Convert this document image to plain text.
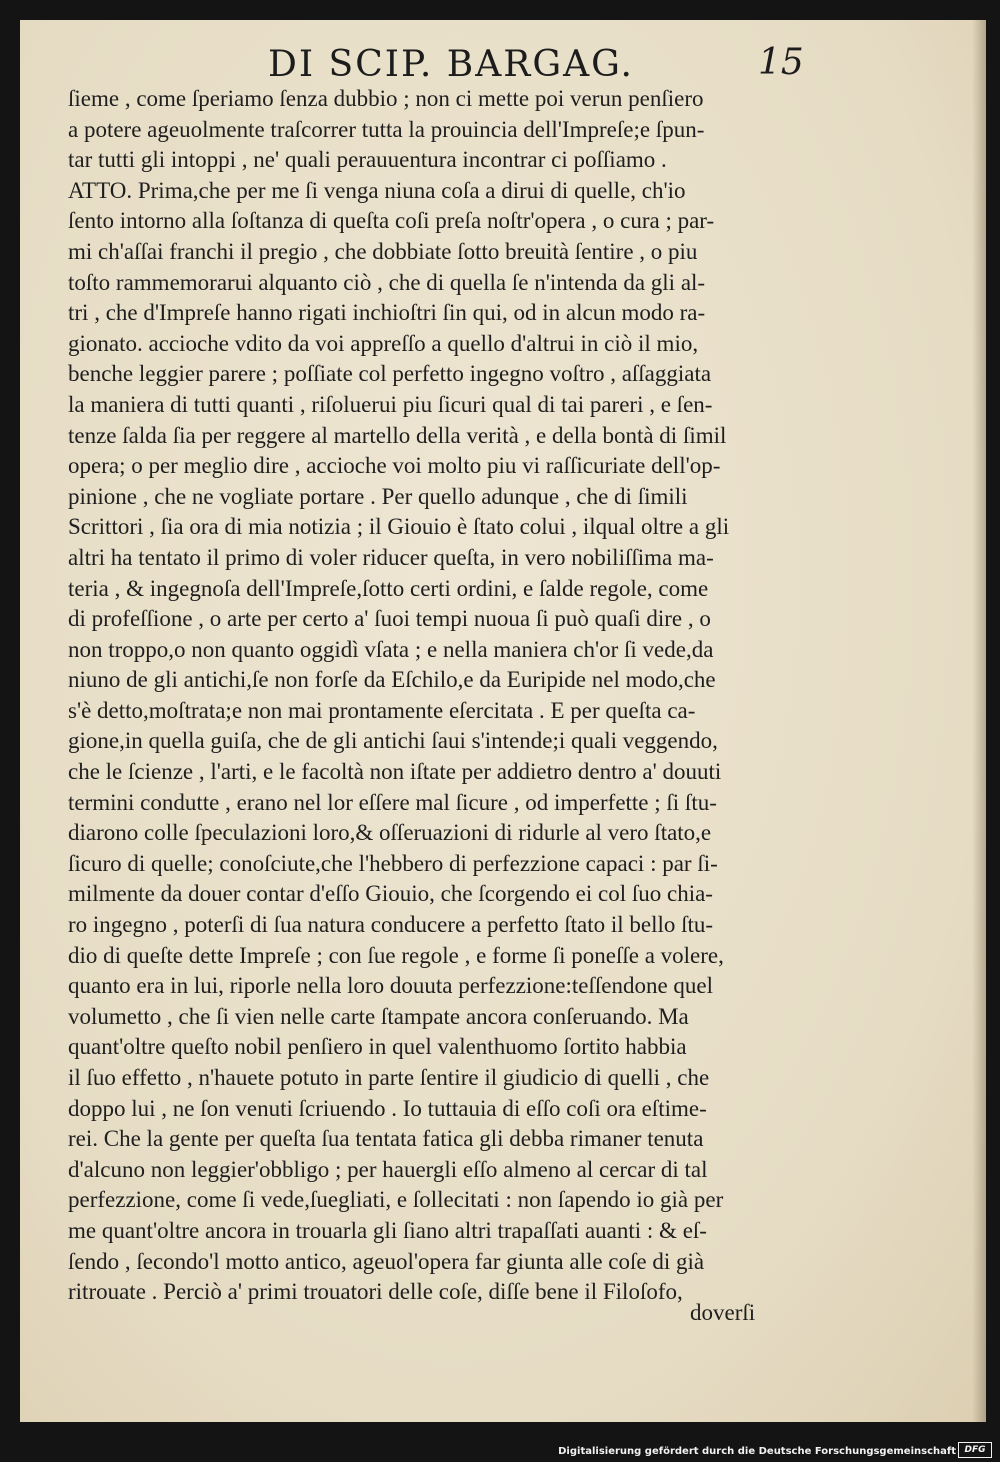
DI SCIP. BARGAG.	15
ſieme , come ſperiamo ſenza dubbio ; non ci mette poi verun penſiero
a potere ageuolmente traſcorrer tutta la prouincia dell'Impreſe;e ſpun-
tar tutti gli intoppi , ne' quali perauuentura incontrar ci poſſiamo .
ATTO. Prima,che per me ſi venga niuna coſa a dirui di quelle, ch'io
ſento intorno alla ſoſtanza di queſta coſi preſa noſtr'opera , o cura ; par-
mi ch'aſſai franchi il pregio , che dobbiate ſotto breuità ſentire , o piu
toſto rammemorarui alquanto ciò , che di quella ſe n'intenda da gli al-
tri , che d'Impreſe hanno rigati inchioſtri ſin qui, od in alcun modo ra-
gionato. accioche vdito da voi appreſſo a quello d'altrui in ciò il mio,
benche leggier parere ; poſſiate col perfetto ingegno voſtro , aſſaggiata
la maniera di tutti quanti , riſoluerui piu ſicuri qual di tai pareri , e ſen-
tenze ſalda ſia per reggere al martello della verità , e della bontà di ſimil
opera; o per meglio dire , accioche voi molto piu vi raſſicuriate dell'op-
pinione , che ne vogliate portare . Per quello adunque , che di ſimili
Scrittori , ſia ora di mia notizia ; il Giouio è ſtato colui , ilqual oltre a gli
altri ha tentato il primo di voler riducer queſta, in vero nobiliſſima ma-
teria , & ingegnoſa dell'Impreſe,ſotto certi ordini, e ſalde regole, come
di profeſſione , o arte per certo a' ſuoi tempi nuoua ſi può quaſi dire , o
non troppo,o non quanto oggidì vſata ; e nella maniera ch'or ſi vede,da
niuno de gli antichi,ſe non forſe da Eſchilo,e da Euripide nel modo,che
s'è detto,moſtrata;e non mai prontamente eſercitata . E per queſta ca-
gione,in quella guiſa, che de gli antichi ſaui s'intende;i quali veggendo,
che le ſcienze , l'arti, e le facoltà non iſtate per addietro dentro a' douuti
termini condutte , erano nel lor eſſere mal ſicure , od imperfette ; ſi ſtu-
diarono colle ſpeculazioni loro,& oſſeruazioni di ridurle al vero ſtato,e
ſicuro di quelle; conoſciute,che l'hebbero di perfezzione capaci : par ſi-
milmente da douer contar d'eſſo Giouio, che ſcorgendo ei col ſuo chia-
ro ingegno , poterſi di ſua natura conducere a perfetto ſtato il bello ſtu-
dio di queſte dette Impreſe ; con ſue regole , e forme ſi poneſſe a volere,
quanto era in lui, riporle nella loro douuta perfezzione:teſſendone quel
volumetto , che ſi vien nelle carte ſtampate ancora conſeruando. Ma
quant'oltre queſto nobil penſiero in quel valenthuomo ſortito habbia
il ſuo effetto , n'hauete potuto in parte ſentire il giudicio di quelli , che
doppo lui , ne ſon venuti ſcriuendo . Io tuttauia di eſſo coſi ora eſtime-
rei. Che la gente per queſta ſua tentata fatica gli debba rimaner tenuta
d'alcuno non leggier'obbligo ; per hauergli eſſo almeno al cercar di tal
perfezzione, come ſi vede,ſuegliati, e ſollecitati : non ſapendo io già per
me quant'oltre ancora in trouarla gli ſiano altri trapaſſati auanti : & eſ-
ſendo , ſecondo'l motto antico, ageuol'opera far giunta alle coſe di già
ritrouate . Perciò a' primi trouatori delle coſe, diſſe bene il Filoſofo,
doverſi
Digitalisierung gefördert durch die Deutsche Forschungsgemeinschaft DFG
